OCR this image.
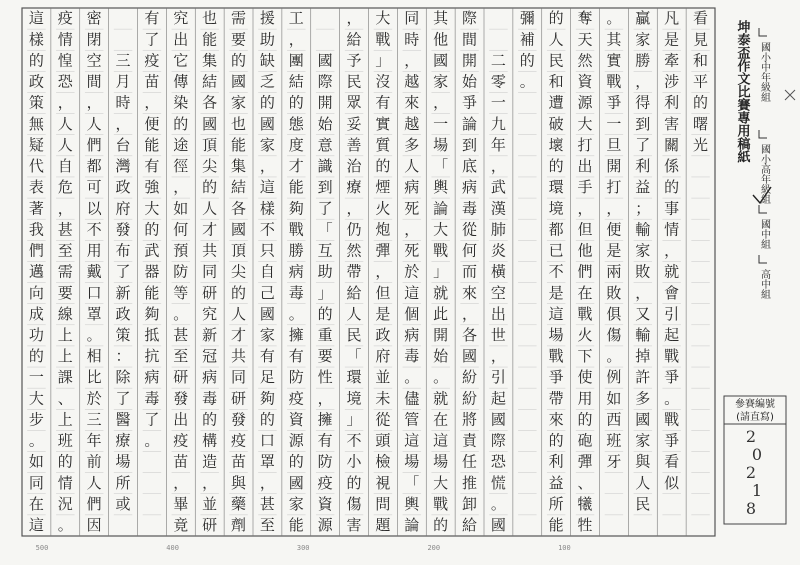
看
見
和
平
的
曙
光
凡
是
牽
涉
利
害
關
係
的
事
情
，
就
會
引
起
戰
爭
。
戰
爭
看
似
贏
家
勝
，
得
到
了
利
益
；
輸
家
敗
，
又
輸
掉
許
多
國
家
與
人
民
。
其
實
戰
爭
一
旦
開
打
，
便
是
兩
敗
俱
傷
。
例
如
西
班
牙
奪
天
然
資
源
大
打
出
手
，
但
他
們
在
戰
火
下
使
用
的
砲
彈
、
犧
牲
的
人
民
和
遭
破
壞
的
環
境
都
已
不
是
這
場
戰
爭
帶
來
的
利
益
所
能
彌
補
的
。

二
零
一
九
年
，
武
漢
肺
炎
橫
空
出
世
，
引
起
國
際
恐
慌
。
國
際
間
開
始
爭
論
到
底
病
毒
從
何
而
來
，
各
國
紛
紛
將
責
任
推
卸
給
其
他
國
家
，
一
場
「
輿
論
大
戰
」
就
此
開
始
。
就
在
這
場
大
戰
的
同
時
，
越
來
越
多
人
病
死
，
死
於
這
個
病
毒
。
儘
管
這
場
「
輿
論
大
戰
」
沒
有
實
質
的
煙
火
炮
彈
，
但
是
政
府
並
未
從
頭
檢
視
問
題
，
給
予
民
眾
妥
善
治
療
，
仍
然
帶
給
人
民
「
環
境
」
不
小
的
傷
害

國
際
開
始
意
識
到
了
「
互
助
」
的
重
要
性
，
擁
有
防
疫
資
源
工
，
團
結
的
態
度
才
能
夠
戰
勝
病
毒
。
擁
有
防
疫
資
源
的
國
家
能
援
助
缺
乏
的
國
家
，
這
樣
不
只
自
己
國
家
有
足
夠
的
口
罩
，
甚
至
需
要
的
國
家
也
能
集
結
各
國
頂
尖
的
人
才
共
同
研
發
疫
苗
與
藥
劑
也
能
集
結
各
國
頂
尖
的
人
才
共
同
研
究
新
冠
病
毒
的
構
造
，
並
研
究
出
它
傳
染
的
途
徑
，
如
何
預
防
等
。
甚
至
研
發
出
疫
苗
，
畢
竟
有
了
疫
苗
，
便
能
有
強
大
的
武
器
能
夠
抵
抗
病
毒
了
。

三
月
時
，
台
灣
政
府
發
布
了
新
政
策
：
除
了
醫
療
場
所
或
密
閉
空
間
，
人
們
都
可
以
不
用
戴
口
罩
。
相
比
於
三
年
前
人
們
因
疫
情
惶
恐
，
人
人
自
危
，
甚
至
需
要
線
上
上
課
、
上
班
的
情
況
。
這
樣
的
政
策
無
疑
代
表
著
我
們
邁
向
成
功
的
一
大
步
。
如
同
在
這
500	400	300	200	100
坤泰盃作文比賽專用稿紙 國小中年級組
國小高年級組
國中組
高中組
參賽編號
(請直寫)
2
0
2
1
8
